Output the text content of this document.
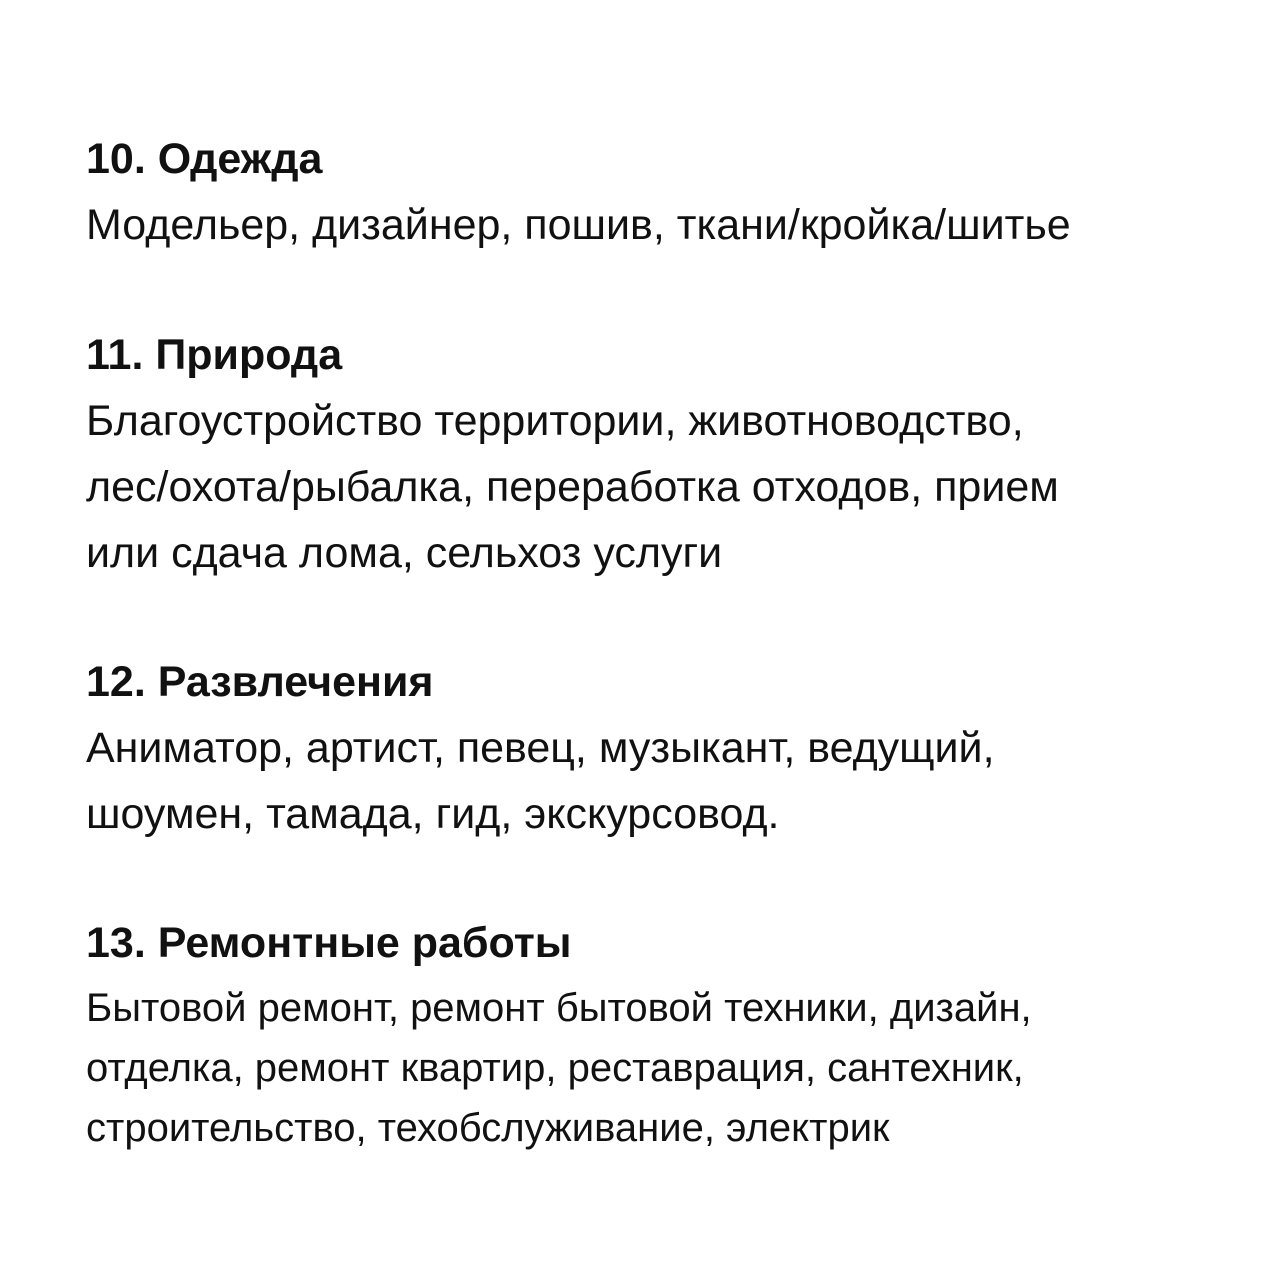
10. Одежда

Модельер, дизайнер, пошив, ткани/кройка/шитье

11. Природа

Благоустройство территории, животноводство,

лес/охота/рыбалка, переработка отходов, прием

или сдача лома, сельхоз услуги

12. Развлечения

Аниматор, артист, певец, музыкант, ведущий,

шоумен, тамада, гид, экскурсовод.

13. Ремонтные работы

Бытовой ремонт, ремонт бытовой техники, дизайн,

отделка, ремонт квартир, реставрация, сантехник,

строительство, техобслуживание, электрик
